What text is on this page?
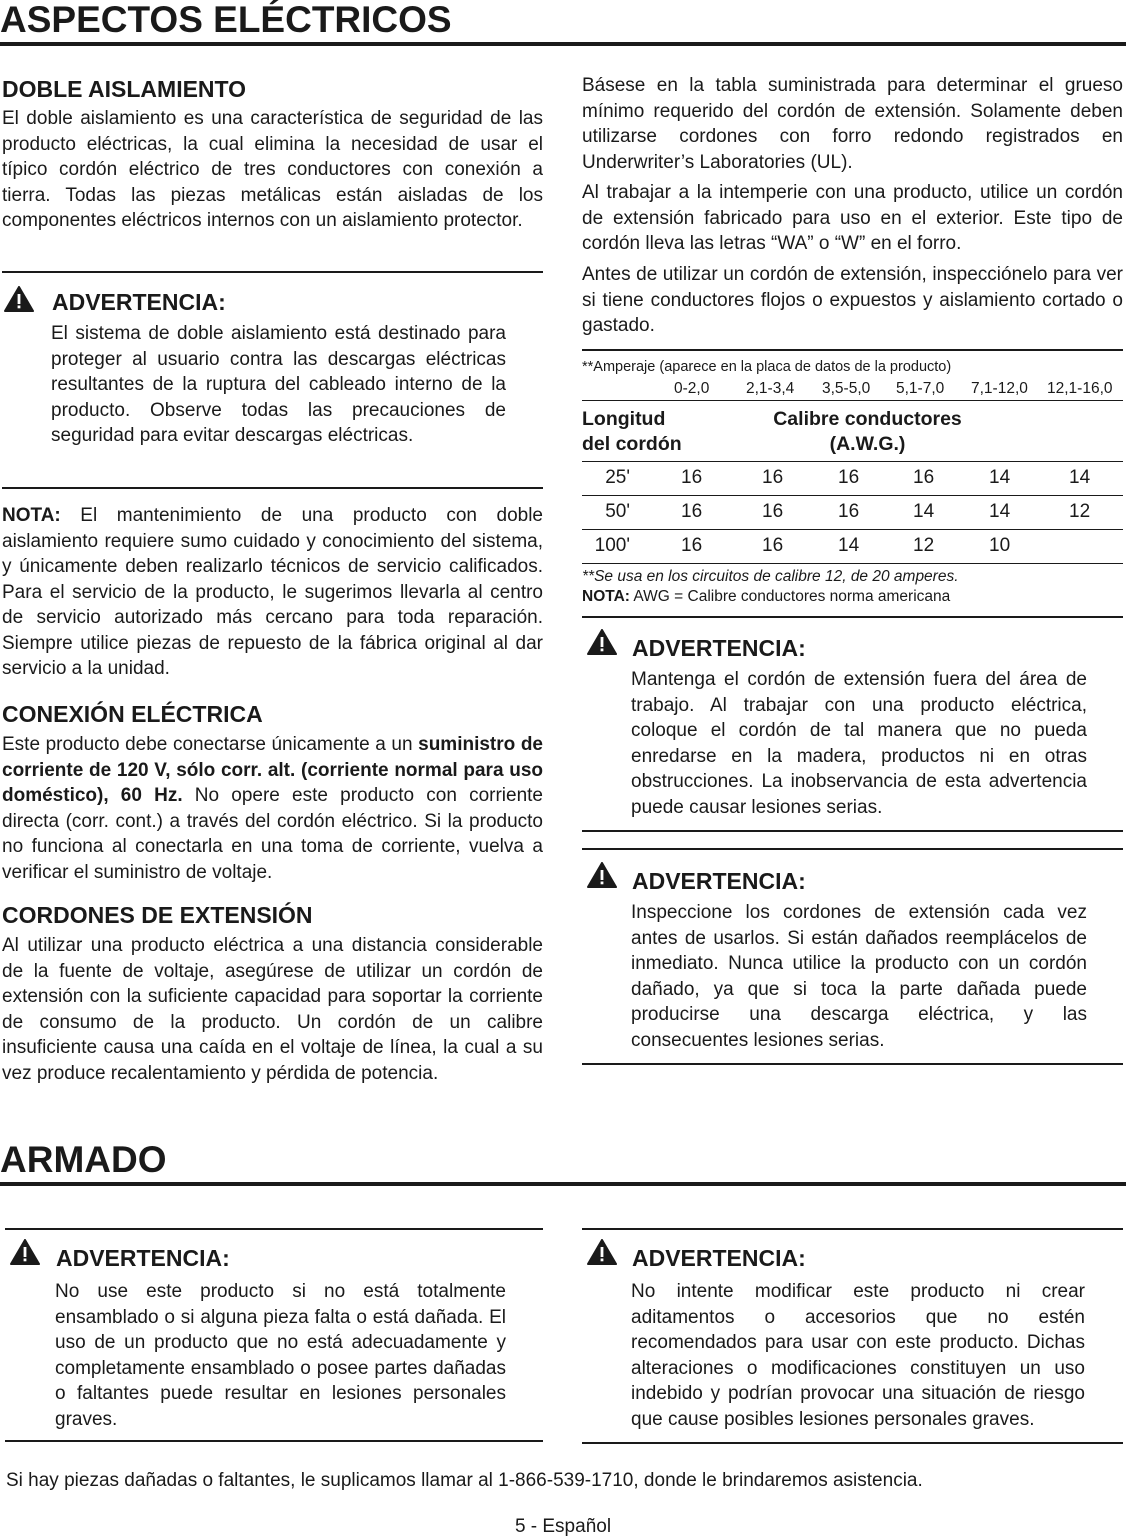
ASPECTOS ELÉCTRICOS
DOBLE AISLAMIENTO

El doble aislamiento es una característica de seguridad de las producto eléctricas, la cual elimina la necesidad de usar el típico cordón eléctrico de tres conductores con conexión a tierra. Todas las piezas metálicas están aisladas de los componentes eléctricos internos con un aislamiento protector.

ADVERTENCIA:

El sistema de doble aislamiento está destinado para proteger al usuario contra las descargas eléctricas resultantes de la ruptura del cableado interno de la producto. Observe todas las precauciones de seguridad para evitar descargas eléctricas.

NOTA: El mantenimiento de una producto con doble aislamiento requiere sumo cuidado y conocimiento del sistema, y únicamente deben realizarlo técnicos de servicio calificados. Para el servicio de la producto, le sugerimos llevarla al centro de servicio autorizado más cercano para toda reparación. Siempre utilice piezas de repuesto de la fábrica original al dar servicio a la unidad.

CONEXIÓN ELÉCTRICA

Este producto debe conectarse únicamente a un suministro de corriente de 120 V, sólo corr. alt. (corriente normal para uso doméstico), 60 Hz. No opere este producto con corriente directa (corr. cont.) a través del cordón eléctrico. Si la producto no funciona al conectarla en una toma de corriente, vuelva a verificar el suministro de voltaje.

CORDONES DE EXTENSIÓN

Al utilizar una producto eléctrica a una distancia considerable de la fuente de voltaje, asegúrese de utilizar un cordón de extensión con la suficiente capacidad para soportar la corriente de consumo de la producto. Un cordón de un calibre insuficiente causa una caída en el voltaje de línea, la cual a su vez produce recalentamiento y pérdida de potencia.

Básese en la tabla suministrada para determinar el grueso mínimo requerido del cordón de extensión. Solamente deben utilizarse cordones con forro redondo registrados en Underwriter’s Laboratories (UL).

Al trabajar a la intemperie con una producto, utilice un cordón de extensión fabricado para uso en el exterior. Este tipo de cordón lleva las letras “WA” o “W” en el forro.

Antes de utilizar un cordón de extensión, inspecciónelo para ver si tiene conductores flojos o expuestos y aislamiento cortado o gastado.

**Amperaje (aparece en la placa de datos de la producto)
0-2,0 2,1-3,4 3,5-5,0 5,1-7,0 7,1-12,0 12,1-16,0
Longitud
del cordón
Calibre conductores
(A.W.G.)
25'	16	16	16	16	14	14
50'	16	16	16	14	14	12
100'	16	16	14	12	10
**Se usa en los circuitos de calibre 12, de 20 amperes.
NOTA: AWG = Calibre conductores norma americana
ADVERTENCIA:

Mantenga el cordón de extensión fuera del área de trabajo. Al trabajar con una producto eléctrica, coloque el cordón de tal manera que no pueda enredarse en la madera, productos ni en otras obstrucciones. La inobservancia de esta advertencia puede causar lesiones serias.

ADVERTENCIA:

Inspeccione los cordones de extensión cada vez antes de usarlos. Si están dañados reemplácelos de inmediato. Nunca utilice la producto con un cordón dañado, ya que si toca la parte dañada puede producirse una descarga eléctrica, y las consecuentes lesiones serias.

ARMADO
ADVERTENCIA:

No use este producto si no está totalmente ensamblado o si alguna pieza falta o está dañada. El uso de un producto que no está adecuadamente y completamente ensamblado o posee partes dañadas o faltantes puede resultar en lesiones personales graves.

ADVERTENCIA:

No intente modificar este producto ni crear aditamentos o accesorios que no estén recomendados para usar con este producto. Dichas alteraciones o modificaciones constituyen un uso indebido y podrían provocar una situación de riesgo que cause posibles lesiones personales graves.

Si hay piezas dañadas o faltantes, le suplicamos llamar al 1-866-539-1710, donde le brindaremos asistencia.
5 - Español
